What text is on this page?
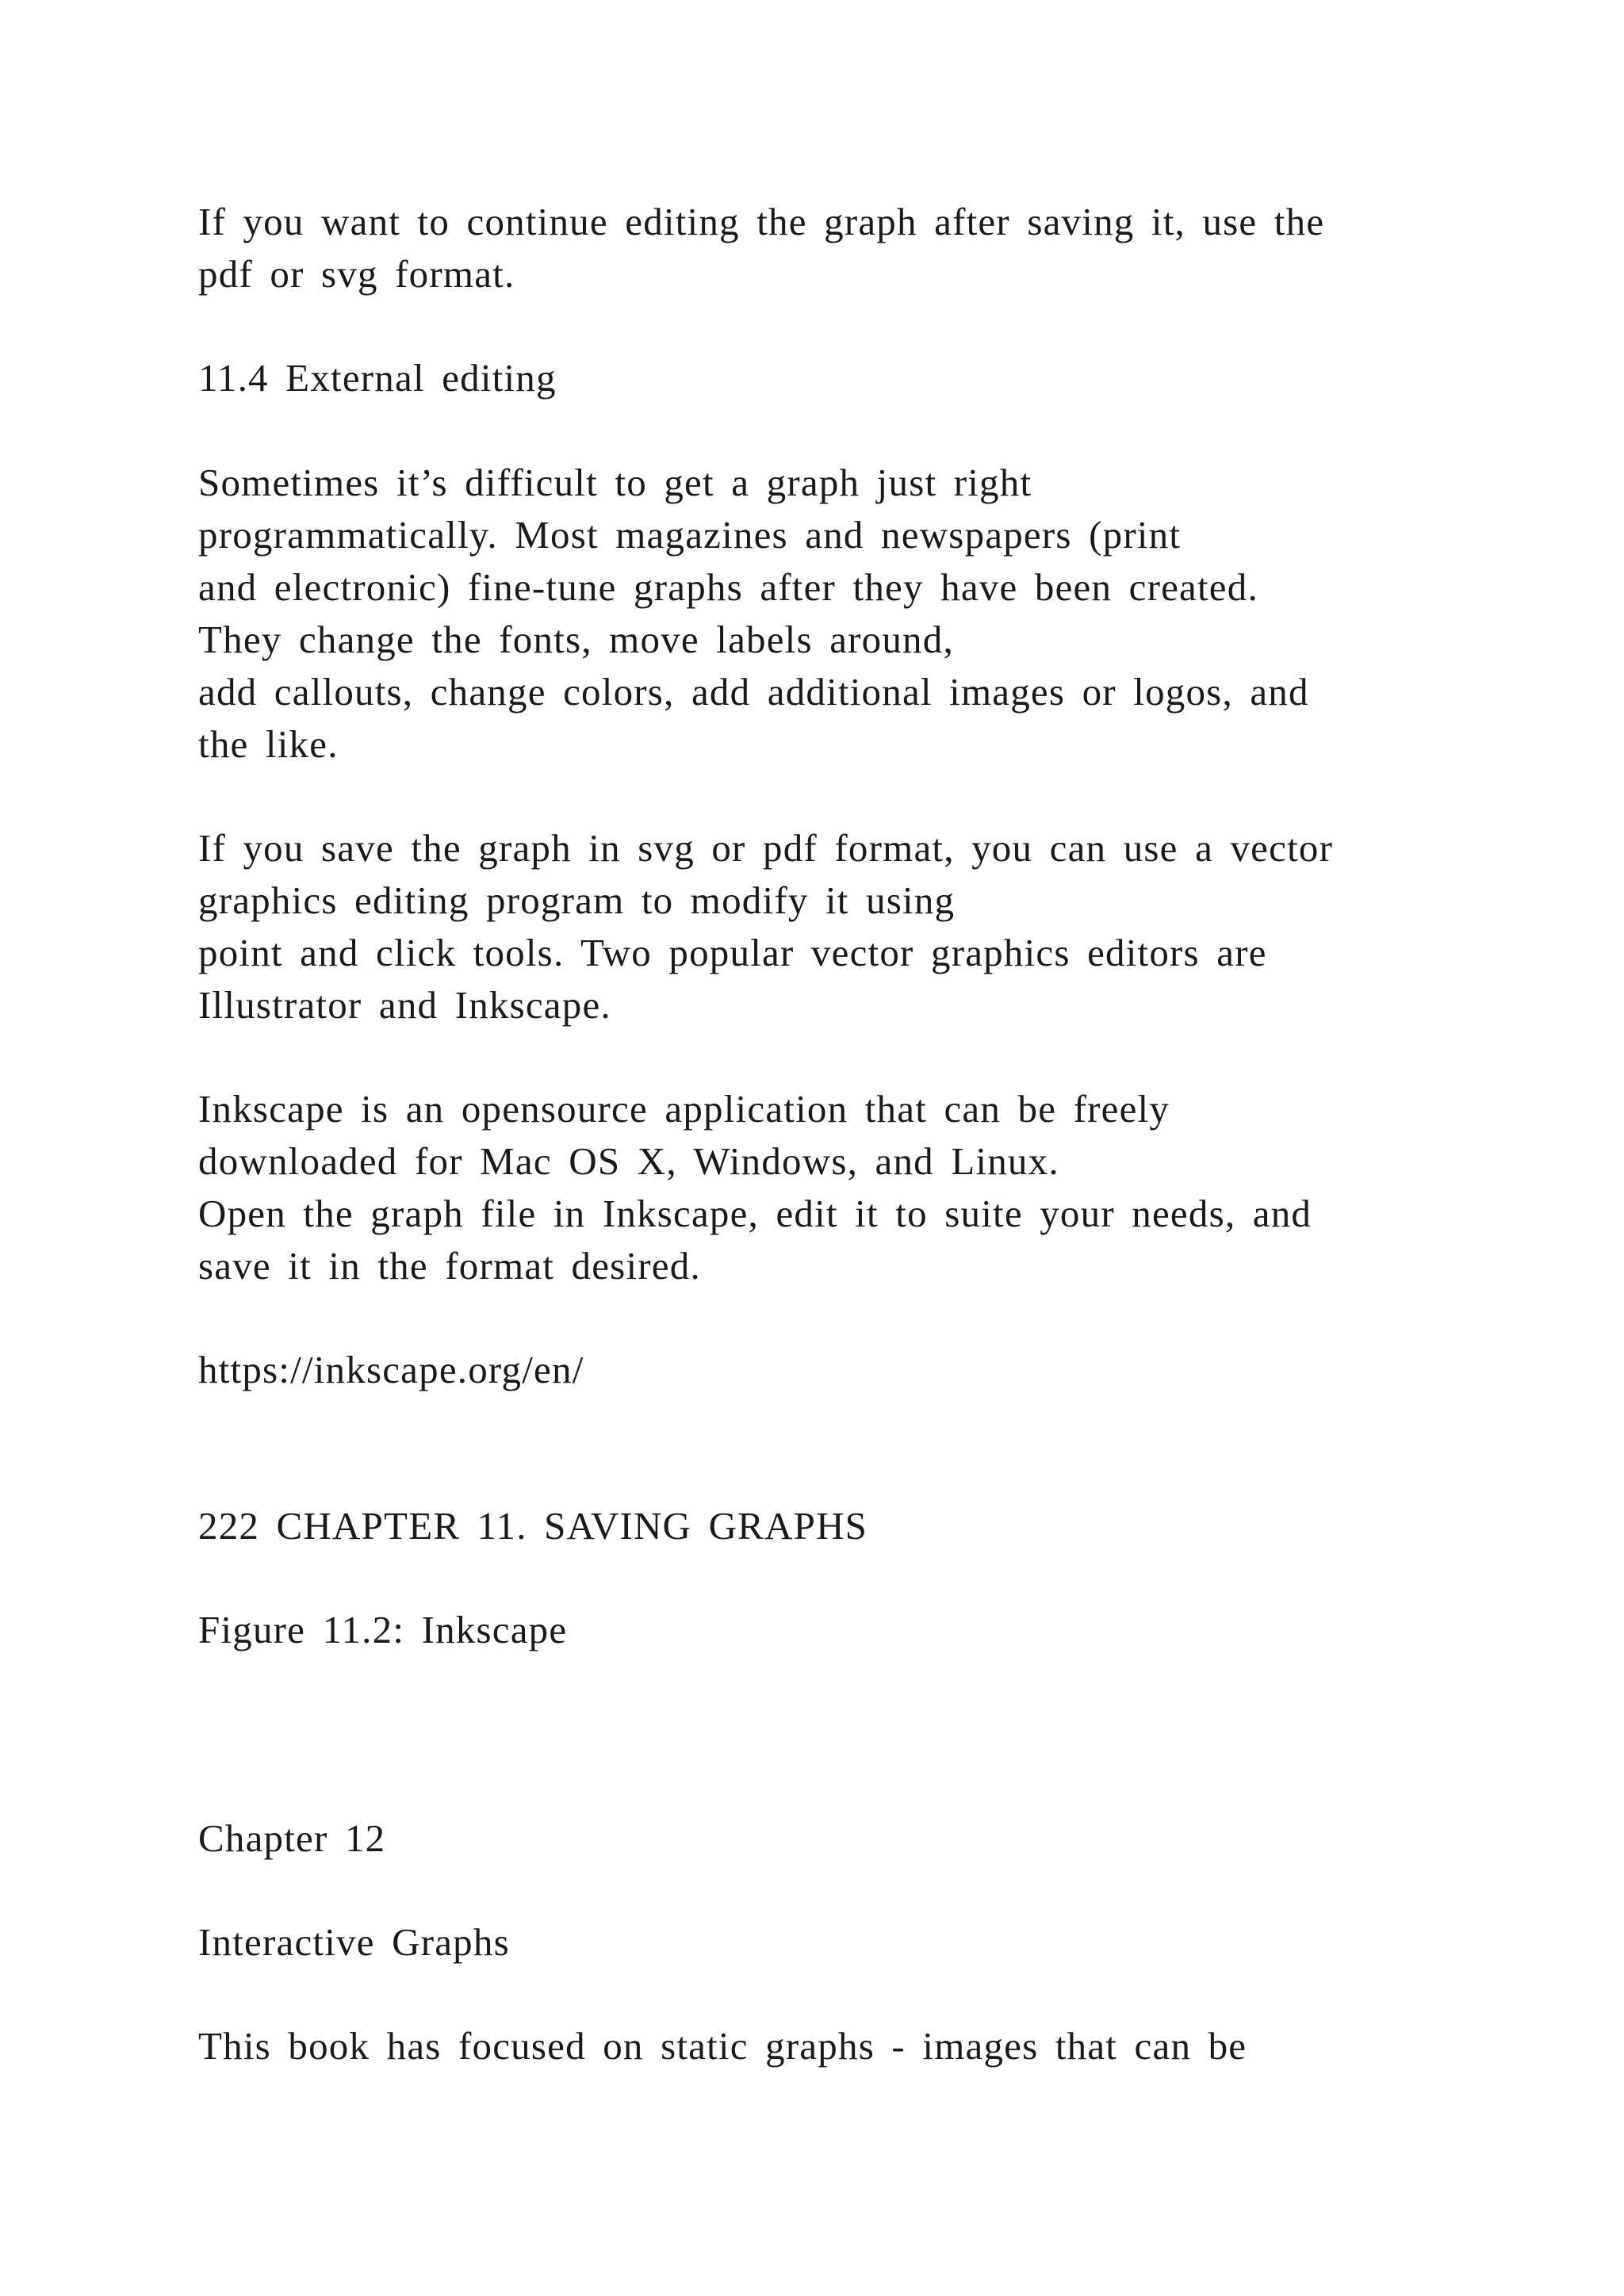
If you want to continue editing the graph after saving it, use the

pdf or svg format.

11.4 External editing

Sometimes it’s difficult to get a graph just right

programmatically. Most magazines and newspapers (print

and electronic) fine-tune graphs after they have been created.

They change the fonts, move labels around,

add callouts, change colors, add additional images or logos, and

the like.

If you save the graph in svg or pdf format, you can use a vector

graphics editing program to modify it using

point and click tools. Two popular vector graphics editors are

Illustrator and Inkscape.

Inkscape is an opensource application that can be freely

downloaded for Mac OS X, Windows, and Linux.

Open the graph file in Inkscape, edit it to suite your needs, and

save it in the format desired.

https://inkscape.org/en/

222 CHAPTER 11. SAVING GRAPHS

Figure 11.2: Inkscape

Chapter 12

Interactive Graphs

This book has focused on static graphs - images that can be
